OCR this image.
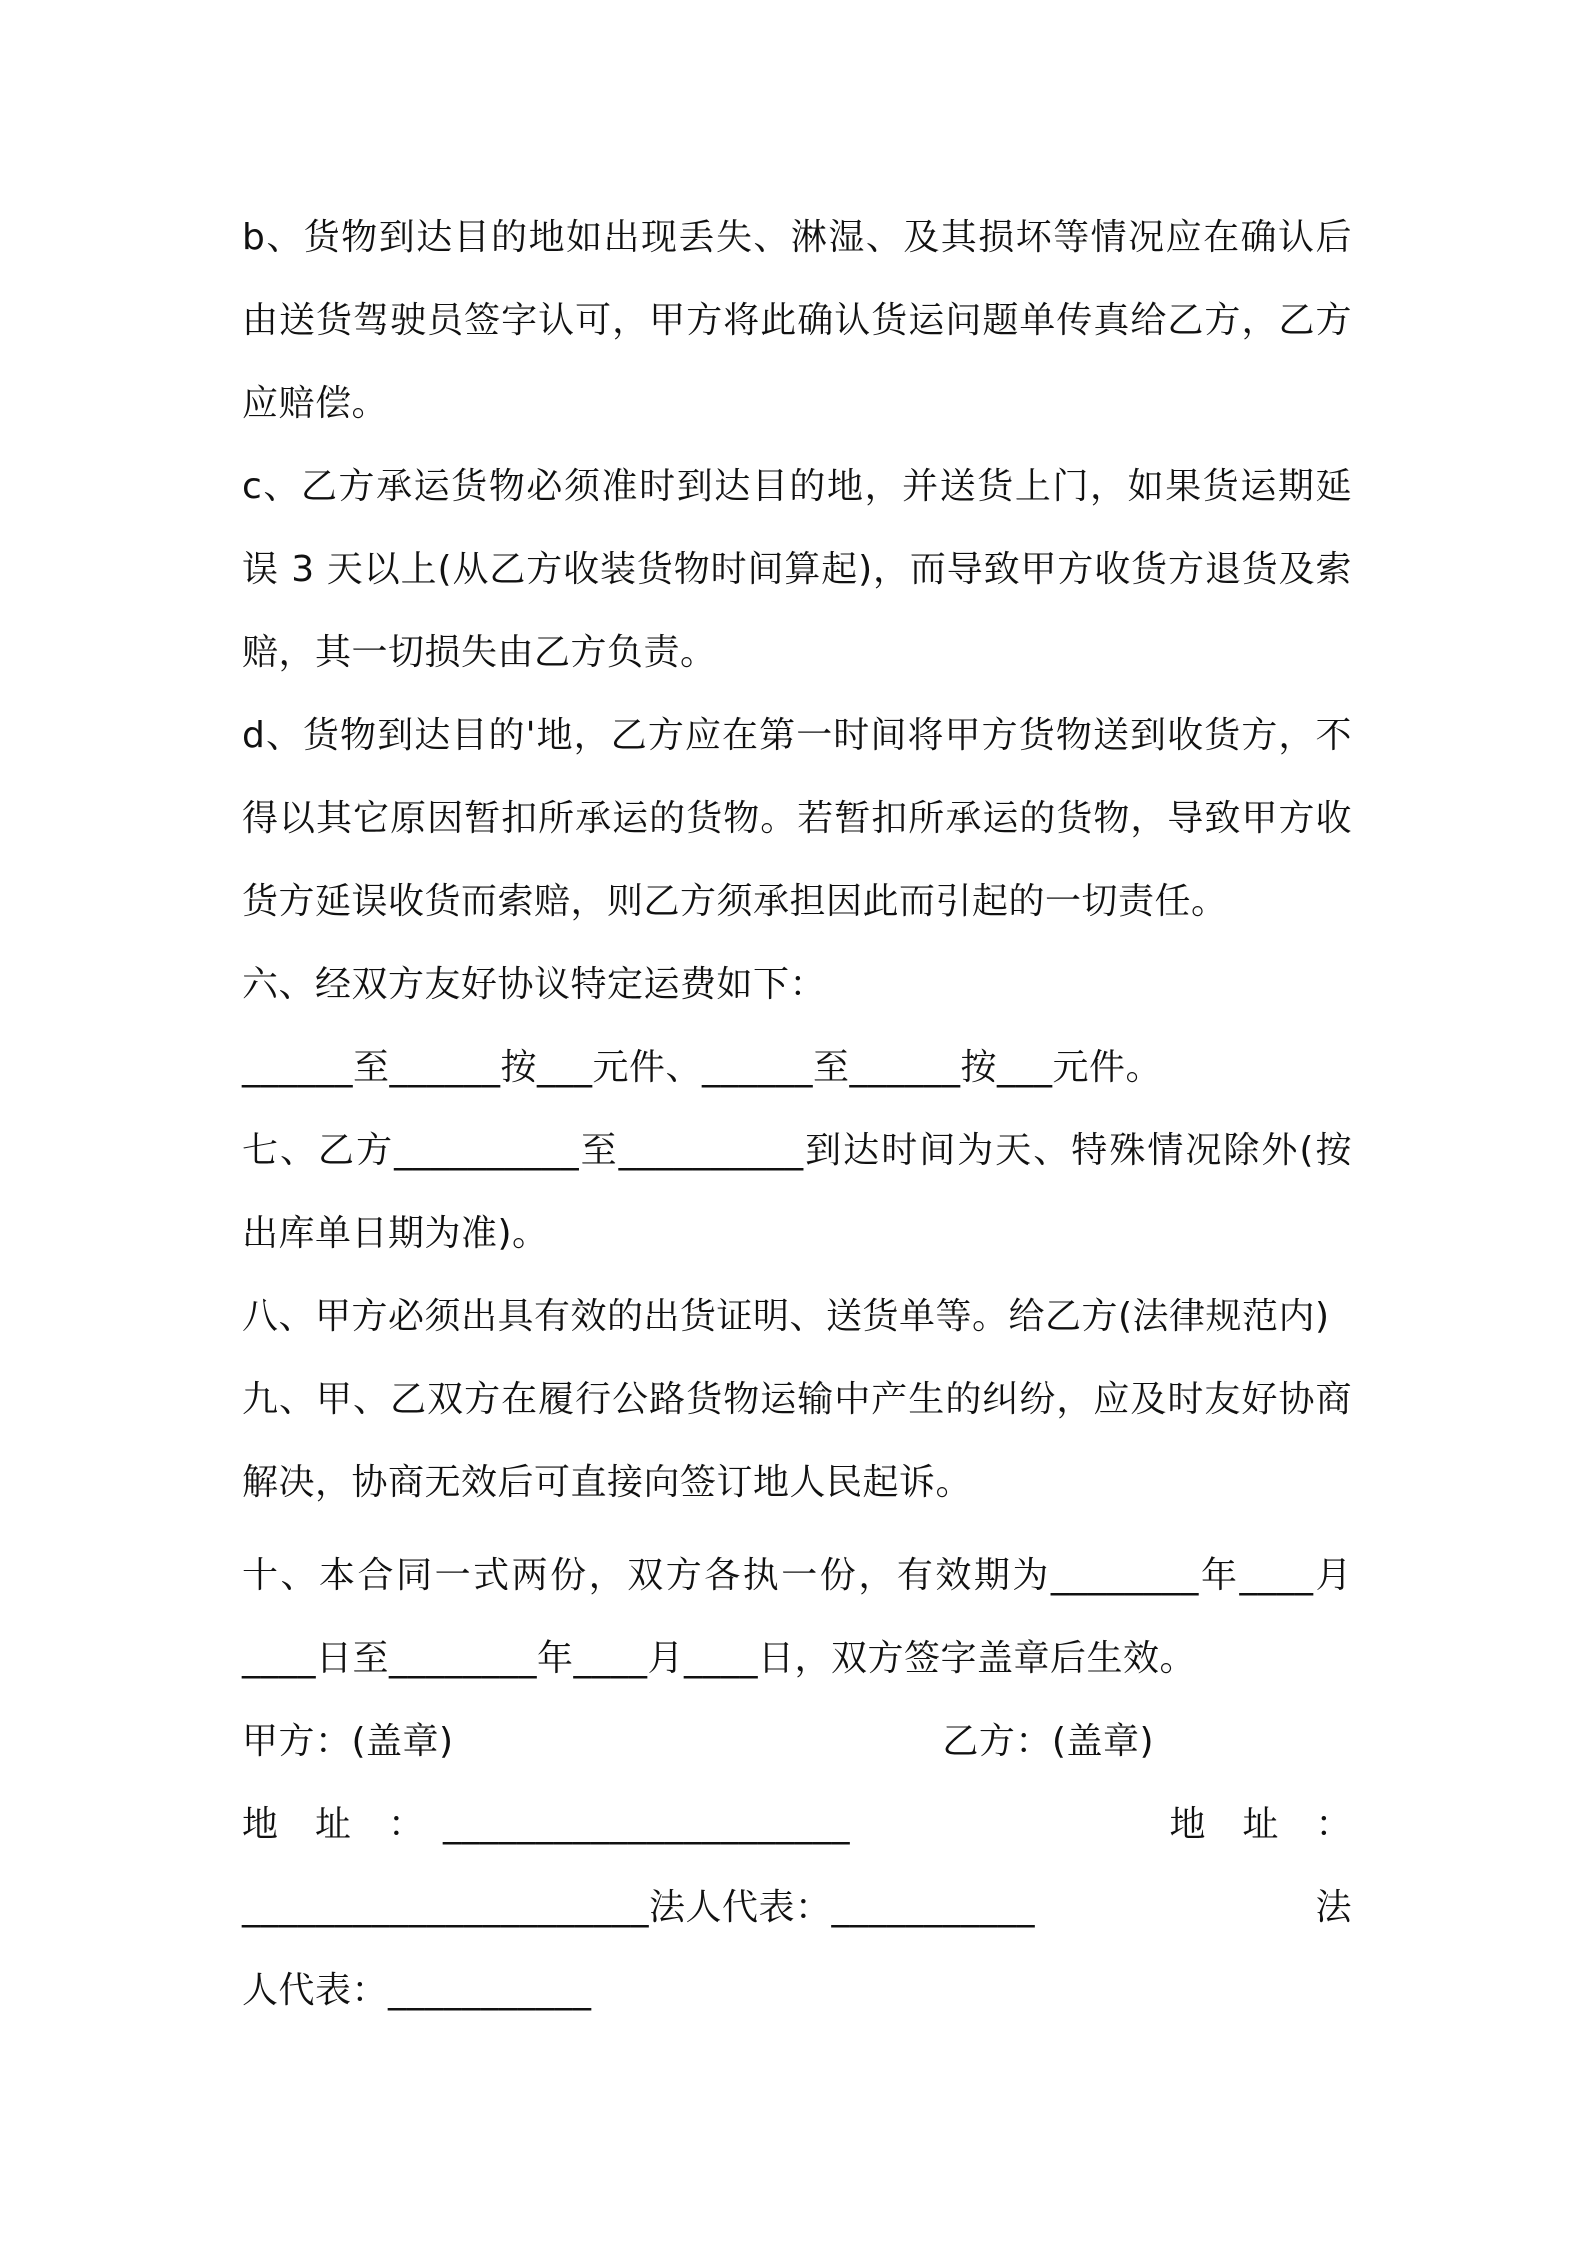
b、货物到达目的地如出现丢失、淋湿、及其损坏等情况应在确认后由送货驾驶员签字认可，甲方将此确认货运问题单传真给乙方，乙方应赔偿。

c、乙方承运货物必须准时到达目的地，并送货上门，如果货运期延误 3 天以上(从乙方收装货物时间算起)，而导致甲方收货方退货及索赔，其一切损失由乙方负责。

d、货物到达目的'地，乙方应在第一时间将甲方货物送到收货方，不得以其它原因暂扣所承运的货物。若暂扣所承运的货物，导致甲方收货方延误收货而索赔，则乙方须承担因此而引起的一切责任。

六、经双方友好协议特定运费如下：

______至______按___元件、______至______按___元件。

七、乙方__________至__________到达时间为天、特殊情况除外(按出库单日期为准)。

八、甲方必须出具有效的出货证明、送货单等。给乙方(法律规范内)

九、甲、乙双方在履行公路货物运输中产生的纠纷，应及时友好协商解决，协商无效后可直接向签订地人民起诉。

十、本合同一式两份，双方各执一份，有效期为________年____月____日至________年____月____日，双方签字盖章后生效。

甲方：(盖章)	乙方：(盖章)
地　址　：　______________________	地　址　：
______________________法人代表：___________	法
人代表：___________
